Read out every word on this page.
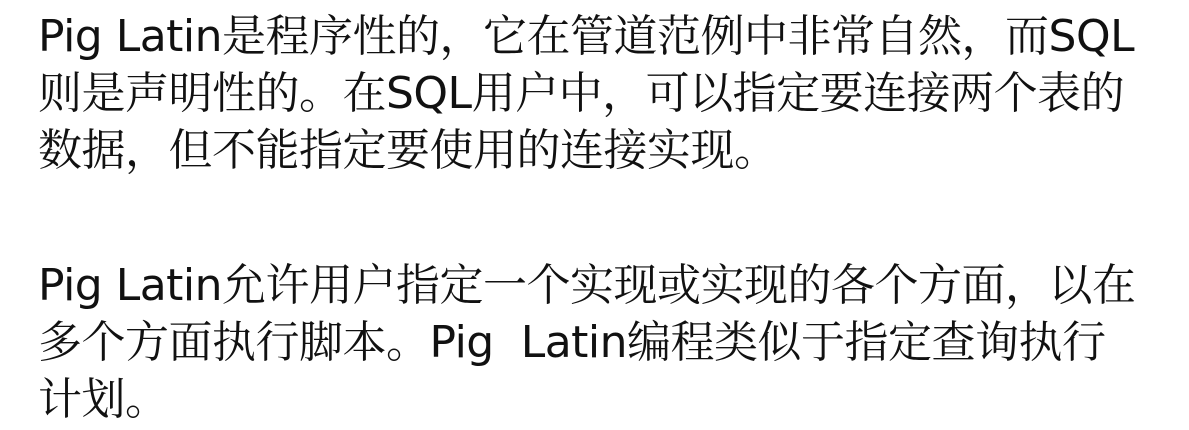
Pig Latin是程序性的，它在管道范例中非常自然，而SQL
则是声明性的。在SQL用户中，可以指定要连接两个表的
数据，但不能指定要使用的连接实现。
Pig Latin允许用户指定一个实现或实现的各个方面，以在
多个方面执行脚本。Pig  Latin编程类似于指定查询执行
计划。
